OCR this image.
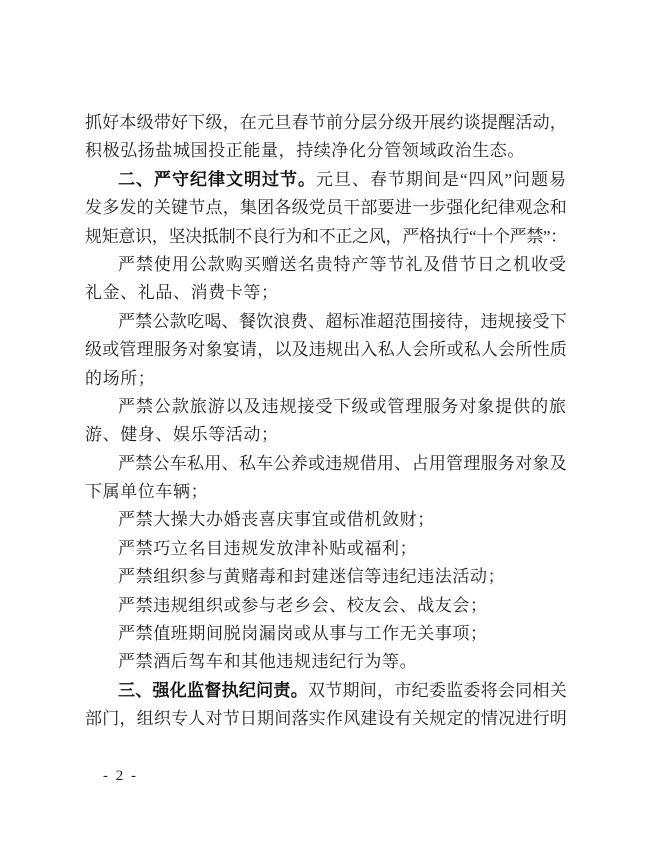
抓好本级带好下级，在元旦春节前分层分级开展约谈提醒活动，
积极弘扬盐城国投正能量，持续净化分管领域政治生态。
二、严守纪律文明过节。元旦、春节期间是“四风”问题易
发多发的关键节点，集团各级党员干部要进一步强化纪律观念和
规矩意识，坚决抵制不良行为和不正之风，严格执行“十个严禁”：
严禁使用公款购买赠送名贵特产等节礼及借节日之机收受
礼金、礼品、消费卡等；
严禁公款吃喝、餐饮浪费、超标准超范围接待，违规接受下
级或管理服务对象宴请，以及违规出入私人会所或私人会所性质
的场所；
严禁公款旅游以及违规接受下级或管理服务对象提供的旅
游、健身、娱乐等活动；
严禁公车私用、私车公养或违规借用、占用管理服务对象及
下属单位车辆；
严禁大操大办婚丧喜庆事宜或借机敛财；
严禁巧立名目违规发放津补贴或福利；
严禁组织参与黄赌毒和封建迷信等违纪违法活动；
严禁违规组织或参与老乡会、校友会、战友会；
严禁值班期间脱岗漏岗或从事与工作无关事项；
严禁酒后驾车和其他违规违纪行为等。
三、强化监督执纪问责。双节期间，市纪委监委将会同相关
部门，组织专人对节日期间落实作风建设有关规定的情况进行明
- 2 -
